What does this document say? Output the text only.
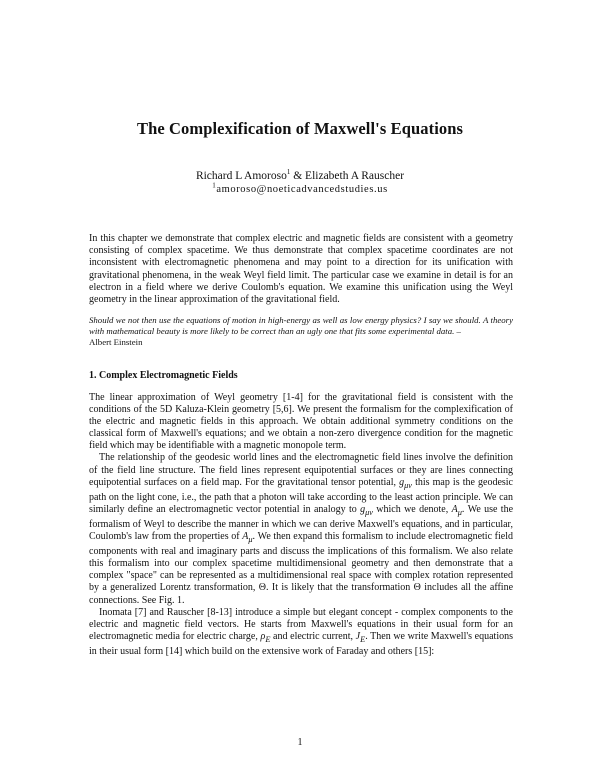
The Complexification of Maxwell's Equations
Richard L Amoroso$^1$ & Elizabeth A Rauscher
$^1$amoroso@noeticadvancedstudies.us
In this chapter we demonstrate that complex electric and magnetic fields are consistent with a geometry consisting of complex spacetime. We thus demonstrate that complex spacetime coordinates are not inconsistent with electromagnetic phenomena and may point to a direction for its unification with gravitational phenomena, in the weak Weyl field limit. The particular case we examine in detail is for an electron in a field where we derive Coulomb's equation. We examine this unification using the Weyl geometry in the linear approximation of the gravitational field.
Should we not then use the equations of motion in high-energy as well as low energy physics? I say we should. A theory with mathematical beauty is more likely to be correct than an ugly one that fits some experimental data. –
Albert Einstein
1. Complex Electromagnetic Fields

The linear approximation of Weyl geometry [1-4] for the gravitational field is consistent with the conditions of the 5D Kaluza-Klein geometry [5,6]. We present the formalism for the complexification of the electric and magnetic fields in this approach. We obtain additional symmetry conditions on the classical form of Maxwell's equations; and we obtain a non-zero divergence condition for the magnetic field which may be identifiable with a magnetic monopole term.

The relationship of the geodesic world lines and the electromagnetic field lines involve the definition of the field line structure. The field lines represent equipotential surfaces or they are lines connecting equipotential surfaces on a field map. For the gravitational tensor potential, $g_{\mu\nu}$ this map is the geodesic path on the light cone, i.e., the path that a photon will take according to the least action principle. We can similarly define an electromagnetic vector potential in analogy to $g_{\mu\nu}$ which we denote, $A_\mu$. We use the formalism of Weyl to describe the manner in which we can derive Maxwell's equations, and in particular, Coulomb's law from the properties of $A_\mu$. We then expand this formalism to include electromagnetic field components with real and imaginary parts and discuss the implications of this formalism. We also relate this formalism into our complex spacetime multidimensional geometry and then demonstrate that a complex "space" can be represented as a multidimensional real space with complex rotation represented by a generalized Lorentz transformation, Θ. It is likely that the transformation Θ includes all the affine connections. See Fig. 1.

Inomata [7] and Rauscher [8-13] introduce a simple but elegant concept - complex components to the electric and magnetic field vectors. He starts from Maxwell's equations in their usual form for an electromagnetic media for electric charge, $\rho_E$ and electric current, $J_E$. Then we write Maxwell's equations in their usual form [14] which build on the extensive work of Faraday and others [15]:

1
